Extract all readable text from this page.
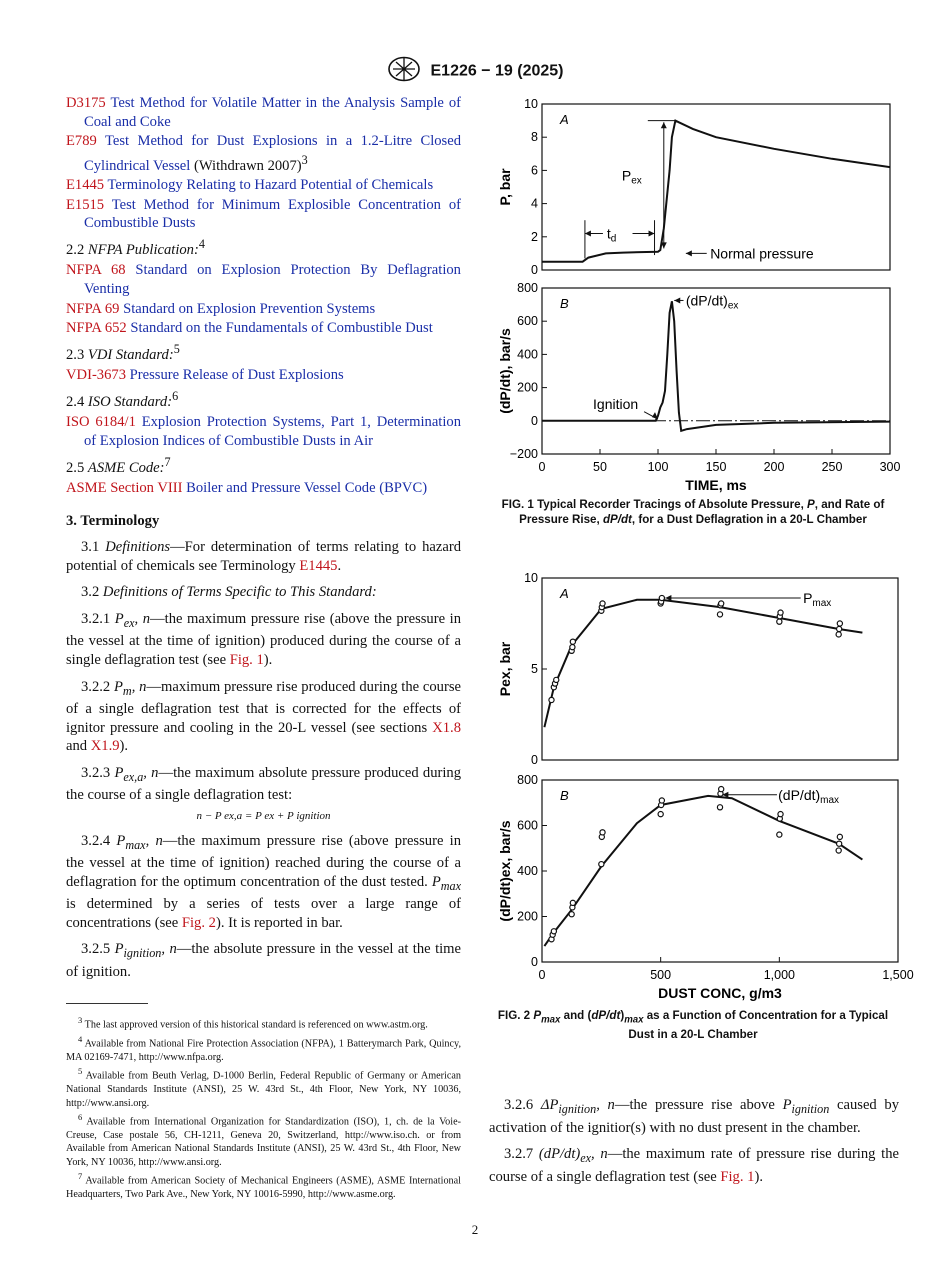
E1226 − 19 (2025)
D3175 Test Method for Volatile Matter in the Analysis Sample of Coal and Coke
E789 Test Method for Dust Explosions in a 1.2-Litre Closed Cylindrical Vessel (Withdrawn 2007)$^3$
E1445 Terminology Relating to Hazard Potential of Chemicals
E1515 Test Method for Minimum Explosible Concentration of Combustible Dusts
2.2 NFPA Publication:$^4$
NFPA 68 Standard on Explosion Protection By Deflagration Venting
NFPA 69 Standard on Explosion Prevention Systems
NFPA 652 Standard on the Fundamentals of Combustible Dust
2.3 VDI Standard:$^5$
VDI-3673 Pressure Release of Dust Explosions
2.4 ISO Standard:$^6$
ISO 6184/1 Explosion Protection Systems, Part 1, Determination of Explosion Indices of Combustible Dusts in Air
2.5 ASME Code:$^7$
ASME Section VIII Boiler and Pressure Vessel Code (BPVC)
3. Terminology

3.1 Definitions—For determination of terms relating to hazard potential of chemicals see Terminology E1445.

3.2 Definitions of Terms Specific to This Standard:

3.2.1 $P_{ex}$, n—the maximum pressure rise (above the pressure in the vessel at the time of ignition) produced during the course of a single deflagration test (see Fig. 1).

3.2.2 $P_m$, n—maximum pressure rise produced during the course of a single deflagration test that is corrected for the effects of ignitor pressure and cooling in the 20-L vessel (see sections X1.8 and X1.9).

3.2.3 $P_{ex,a}$, n—the maximum absolute pressure produced during the course of a single deflagration test:

n − P ex,a = P ex + P ignition

3.2.4 $P_{max}$, n—the maximum pressure rise (above pressure in the vessel at the time of ignition) reached during the course of a deflagration for the optimum concentration of the dust tested. $P_{max}$ is determined by a series of tests over a large range of concentrations (see Fig. 2). It is reported in bar.

3.2.5 $P_{ignition}$, n—the absolute pressure in the vessel at the time of ignition.

$^3$ The last approved version of this historical standard is referenced on www.astm.org.

$^4$ Available from National Fire Protection Association (NFPA), 1 Batterymarch Park, Quincy, MA 02169-7471, http://www.nfpa.org.

$^5$ Available from Beuth Verlag, D-1000 Berlin, Federal Republic of Germany or American National Standards Institute (ANSI), 25 W. 43rd St., 4th Floor, New York, NY 10036, http://www.ansi.org.

$^6$ Available from International Organization for Standardization (ISO), 1, ch. de la Voie-Creuse, Case postale 56, CH-1211, Geneva 20, Switzerland, http://www.iso.ch. or from Available from American National Standards Institute (ANSI), 25 W. 43rd St., 4th Floor, New York, NY 10036, http://www.ansi.org.

$^7$ Available from American Society of Mechanical Engineers (ASME), ASME International Headquarters, Two Park Ave., New York, NY 10016-5990, http://www.asme.org.

A
0
2
4
6
8
10
P, bar
$t_d$
$P_{ex}$
Normal pressure
B
−200
0
200
400
600
800
0	50	100	150	200	250	300
TIME, ms
(dP/dt), bar/s
$(dP/dt)_{ex}$
Ignition
FIG. 1 Typical Recorder Tracings of Absolute Pressure, P, and Rate of Pressure Rise, dP/dt, for a Dust Deflagration in a 20-L Chamber
A
0
5
10
Pex, bar
$P_{max}$
B
0
200
400
600
800
0	500	1,000	1,500
DUST CONC, g/m3
(dP/dt)ex, bar/s
$(dP/dt)_{max}$
FIG. 2 $P_{max}$ and $(dP/dt)_{max}$ as a Function of Concentration for a Typical Dust in a 20-L Chamber

3.2.6 $\Delta P_{ignition}$, n—the pressure rise above $P_{ignition}$ caused by activation of the ignitior(s) with no dust present in the chamber.

3.2.7 $(dP/dt)_{ex}$, n—the maximum rate of pressure rise during the course of a single deflagration test (see Fig. 1).

2
